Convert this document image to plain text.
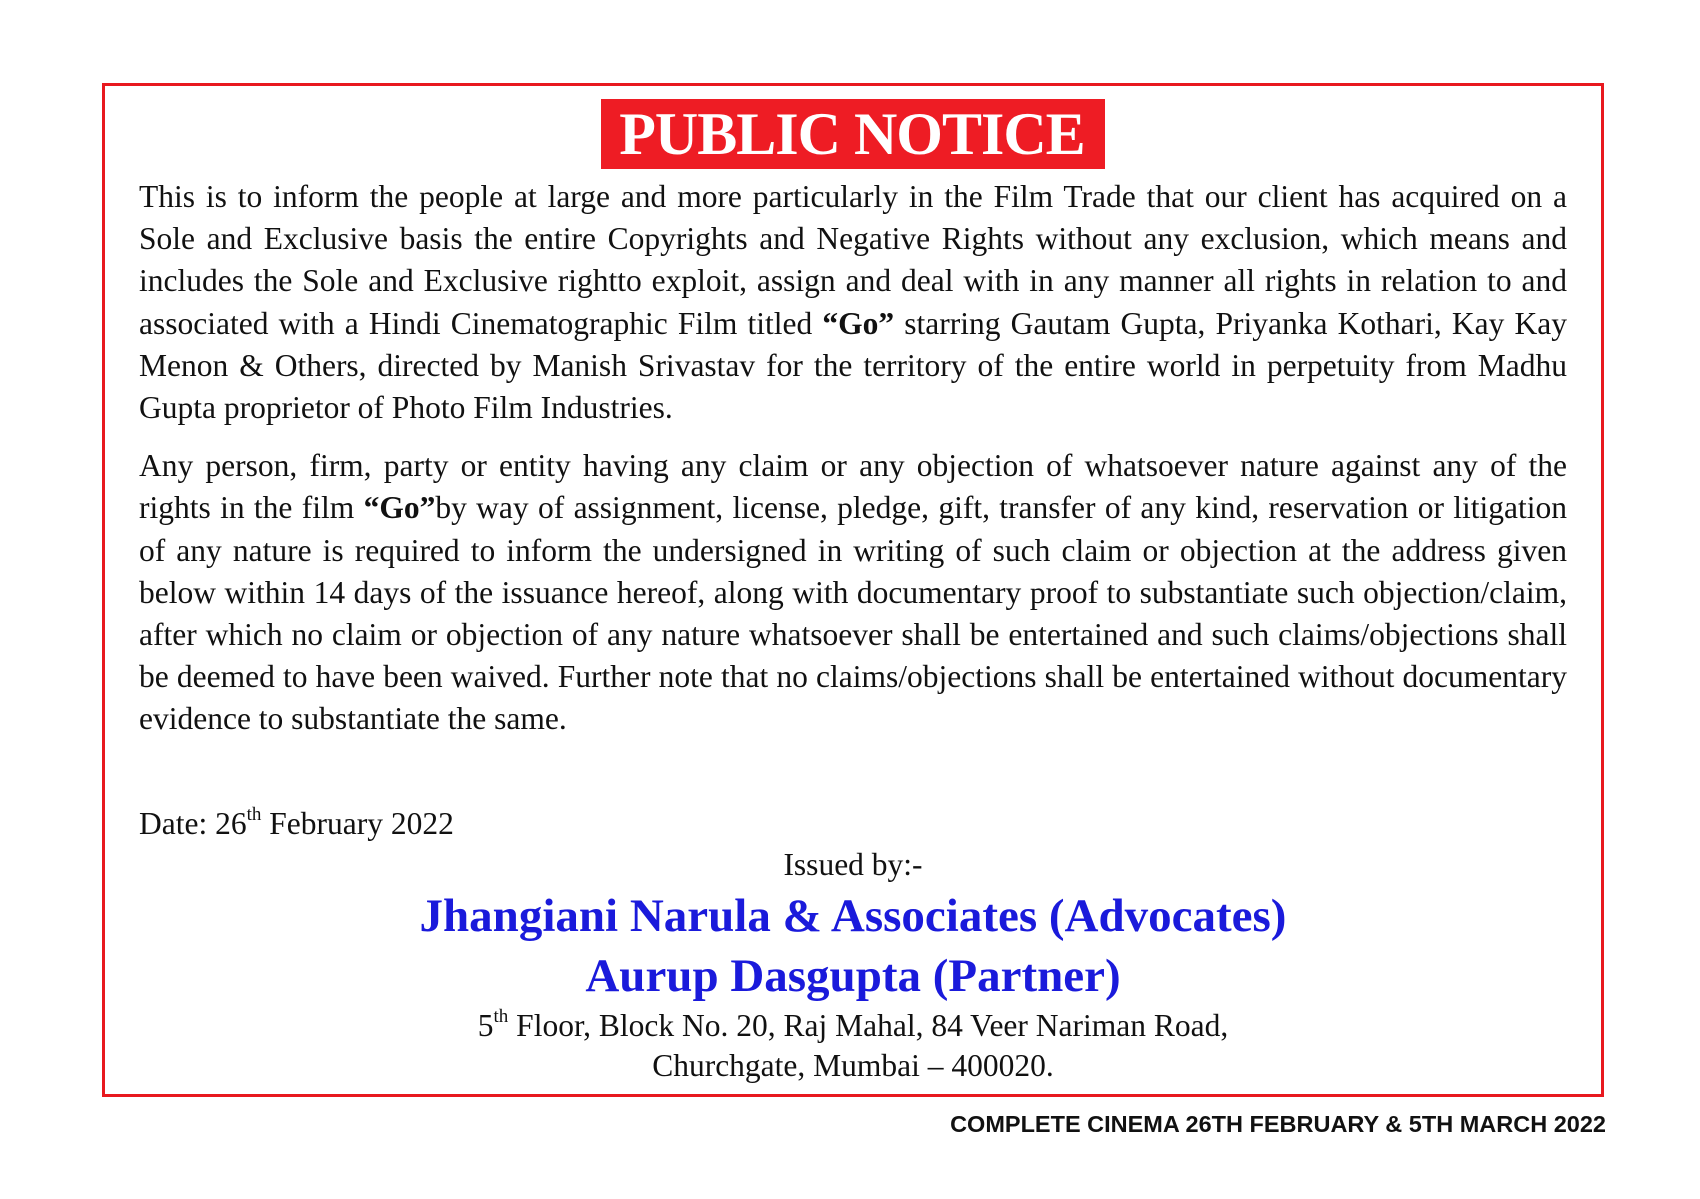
PUBLIC NOTICE

This is to inform the people at large and more particularly in the Film Trade that our client has acquired on a Sole and Exclusive basis the entire Copyrights and Negative Rights without any exclusion, which means and includes the Sole and Exclusive rightto exploit, assign and deal with in any manner all rights in relation to and associated with a Hindi Cinematographic Film titled “Go” starring Gautam Gupta, Priyanka Kothari, Kay Kay Menon & Others, directed by Manish Srivastav for the territory of the entire world in perpetuity from Madhu Gupta proprietor of Photo Film Industries.

Any person, firm, party or entity having any claim or any objection of whatsoever nature against any of the rights in the film “Go”by way of assignment, license, pledge, gift, transfer of any kind, reservation or litigation of any nature is required to inform the undersigned in writing of such claim or objection at the address given below within 14 days of the issuance hereof, along with documentary proof to substantiate such objection/claim, after which no claim or objection of any nature whatsoever shall be entertained and such claims/objections shall be deemed to have been waived. Further note that no claims/objections shall be entertained without documentary evidence to substantiate the same.

Date: 26th February 2022
Issued by:-
Jhangiani Narula & Associates (Advocates)
Aurup Dasgupta (Partner)
5th Floor, Block No. 20, Raj Mahal, 84 Veer Nariman Road,
Churchgate, Mumbai – 400020.
COMPLETE CINEMA 26TH FEBRUARY & 5TH MARCH 2022
